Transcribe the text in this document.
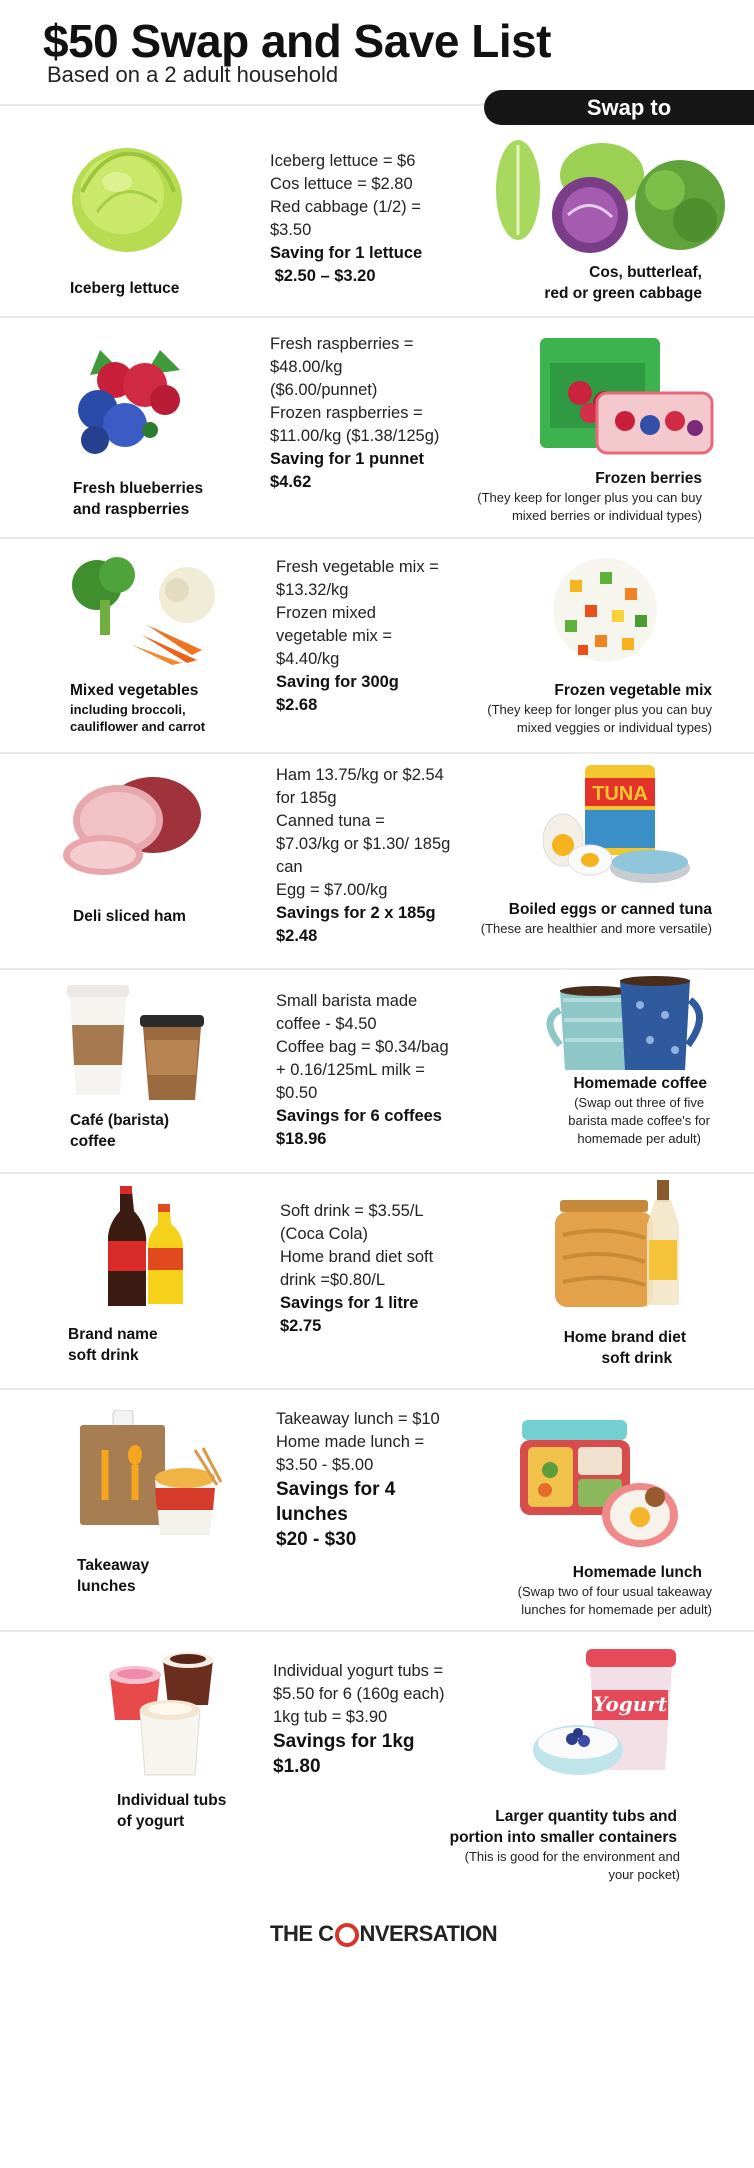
$50 Swap and Save List
Based on a 2 adult household
Swap to
Iceberg lettuce
Iceberg lettuce = $6
Cos lettuce = $2.80
Red cabbage (1/2) =
$3.50
Saving for 1 lettuce
$2.50 – $3.20	Cos, butterleaf,
red or green cabbage
Fresh blueberries
and raspberries
Fresh raspberries =
$48.00/kg
($6.00/punnet)
Frozen raspberries =
$11.00/kg ($1.38/125g)
Saving for 1 punnet
$4.62	Frozen berries
(They keep for longer plus you can buy
mixed berries or individual types)
Mixed vegetables
including broccoli,
cauliflower and carrot
Fresh vegetable mix =
$13.32/kg
Frozen mixed
vegetable mix =
$4.40/kg
Saving for 300g
$2.68
Frozen vegetable mix
(They keep for longer plus you can buy
mixed veggies or individual types)
Deli sliced ham
Ham 13.75/kg or $2.54
for 185g
Canned tuna =
$7.03/kg or $1.30/ 185g
can
Egg = $7.00/kg
Savings for 2 x 185g
$2.48
TUNA
Boiled eggs or canned tuna
(These are healthier and more versatile)
Café (barista)
coffee
Small barista made
coffee - $4.50
Coffee bag = $0.34/bag
+ 0.16/125mL milk =
$0.50
Savings for 6 coffees
$18.96
Homemade coffee
(Swap out three of five
barista made coffee's for
homemade per adult)
Brand name
soft drink
Soft drink = $3.55/L
(Coca Cola)
Home brand diet soft
drink =$0.80/L
Savings for 1 litre
$2.75
Home brand diet
soft drink
Takeaway
lunches
Takeaway lunch = $10
Home made lunch =
$3.50 - $5.00
Savings for 4
lunches
$20 - $30
Homemade lunch
(Swap two of four usual takeaway
lunches for homemade per adult)
Individual tubs
of yogurt
Individual yogurt tubs =
$5.50 for 6 (160g each)
1kg tub = $3.90
Savings for 1kg
$1.80
Yogurt
Larger quantity tubs and
portion into smaller containers
(This is good for the environment and
your pocket)
THE C NVERSATION
